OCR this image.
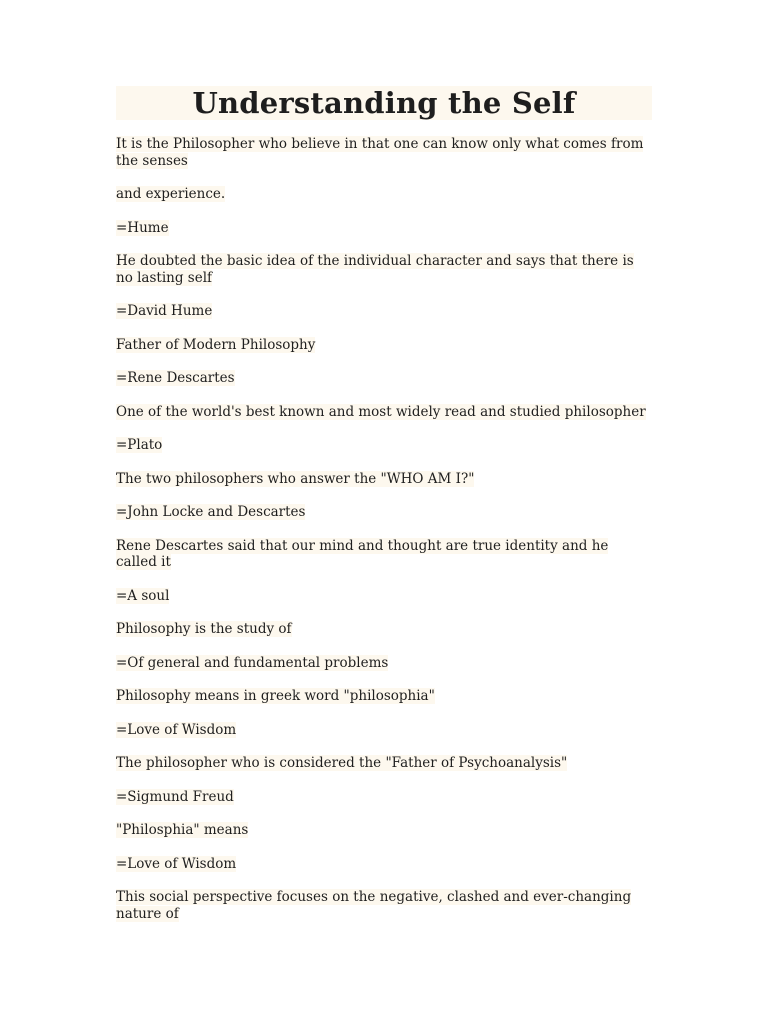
Understanding the Self
It is the Philosopher who believe in that one can know only what comes from the senses
and experience.
=Hume
He doubted the basic idea of the individual character and says that there is no lasting self
=David Hume
Father of Modern Philosophy
=Rene Descartes
One of the world's best known and most widely read and studied philosopher
=Plato
The two philosophers who answer the "WHO AM I?"
=John Locke and Descartes
Rene Descartes said that our mind and thought are true identity and he called it
=A soul
Philosophy is the study of
=Of general and fundamental problems
Philosophy means in greek word "philosophia"
=Love of Wisdom
The philosopher who is considered the "Father of Psychoanalysis"
=Sigmund Freud
"Philosphia" means
=Love of Wisdom
This social perspective focuses on the negative, clashed and ever-changing nature of
